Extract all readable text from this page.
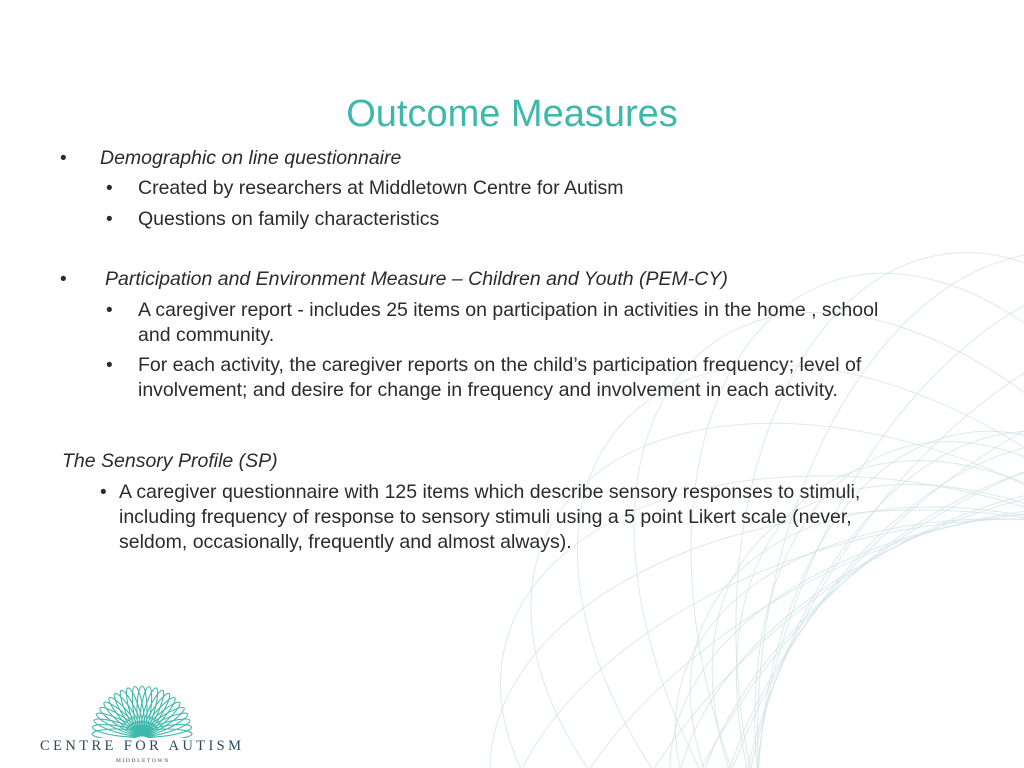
Outcome Measures
• Demographic on line questionnaire
• Created by researchers at Middletown Centre for Autism
• Questions on family characteristics
• Participation and Environment Measure – Children and Youth (PEM-CY)
• A caregiver report - includes 25 items on participation in activities in the home , school
and community.
• For each activity, the caregiver reports on the child’s participation frequency; level of
involvement; and desire for change in frequency and involvement in each activity.
The Sensory Profile (SP)
• A caregiver questionnaire with 125 items which describe sensory responses to stimuli,
including frequency of response to sensory stimuli using a 5 point Likert scale (never,
seldom, occasionally, frequently and almost always).
CENTRE FOR AUTISM
MIDDLETOWN
